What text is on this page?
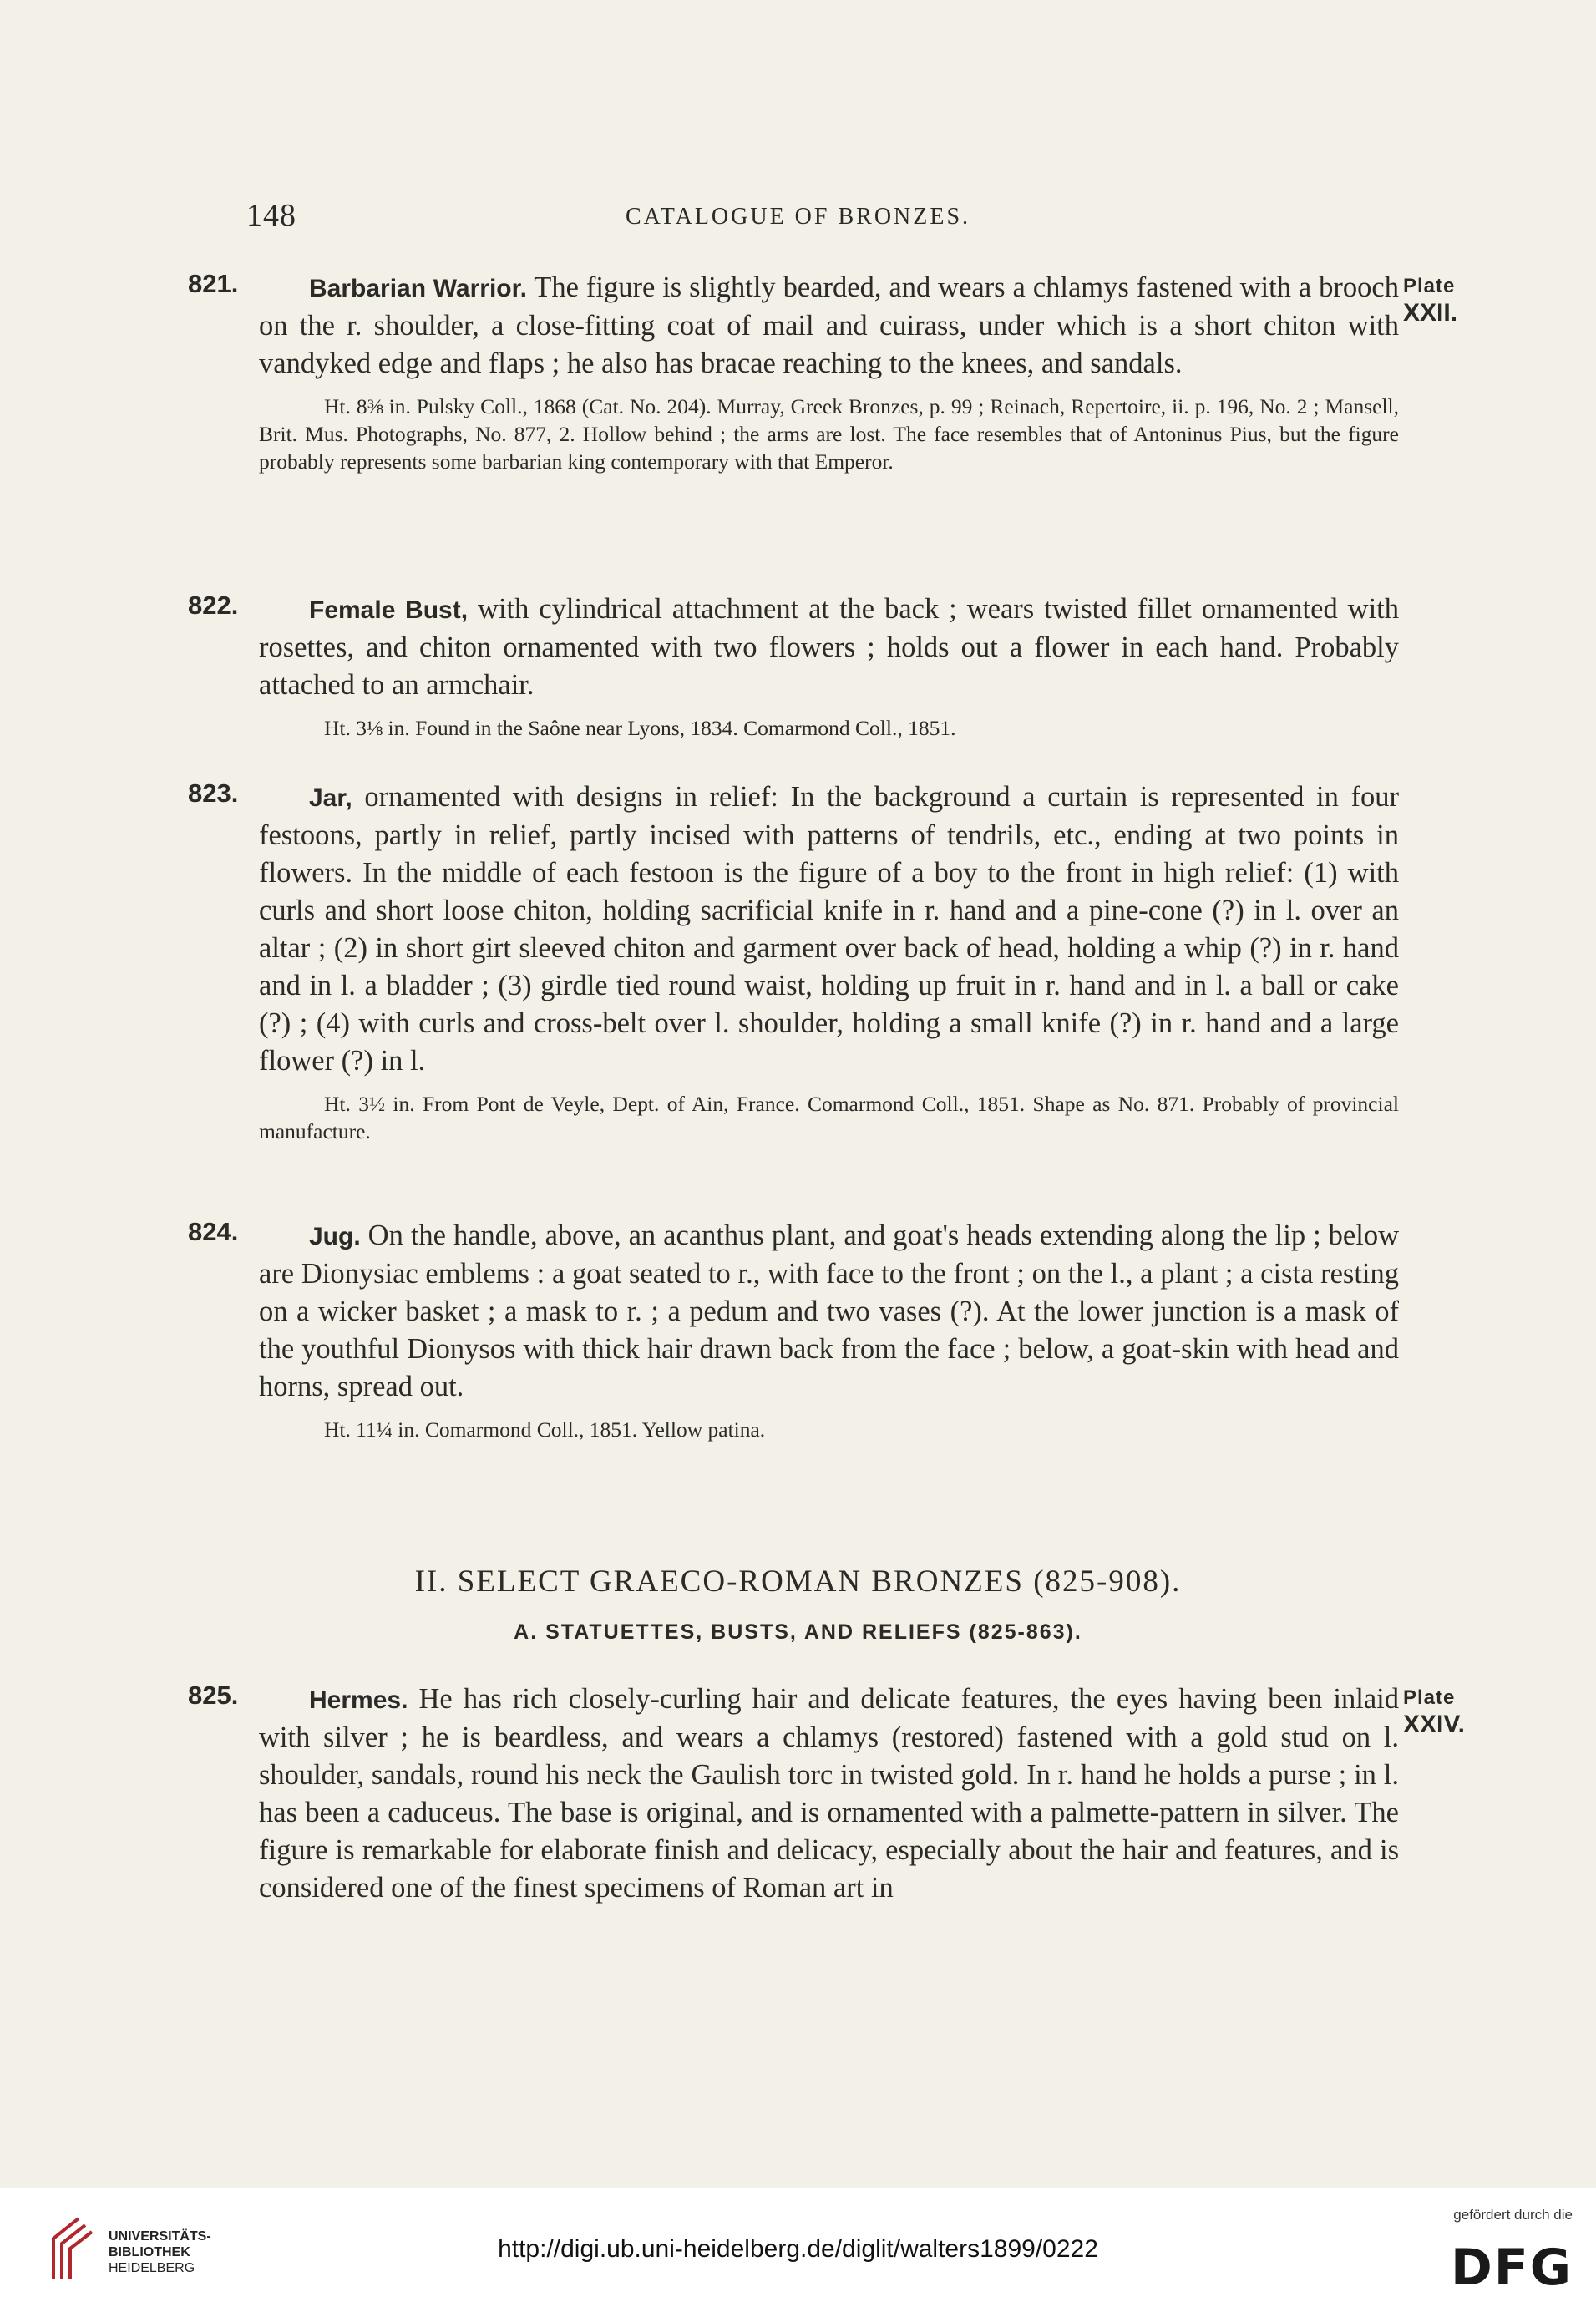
148	CATALOGUE OF BRONZES.
821.	Barbarian Warrior. The figure is slightly bearded, and wears a chlamys fastened with a brooch on the r. shoulder, a close-fitting coat of mail and cuirass, under which is a short chiton with vandyked edge and flaps ; he also has bracae reaching to the knees, and sandals.
Ht. 8⅜ in. Pulsky Coll., 1868 (Cat. No. 204). Murray, Greek Bronzes, p. 99 ; Reinach, Repertoire, ii. p. 196, No. 2 ; Mansell, Brit. Mus. Photographs, No. 877, 2. Hollow behind ; the arms are lost. The face resembles that of Antoninus Pius, but the figure probably represents some barbarian king contemporary with that Emperor.
Plate
XXII.
822.	Female Bust, with cylindrical attachment at the back ; wears twisted fillet ornamented with rosettes, and chiton ornamented with two flowers ; holds out a flower in each hand. Probably attached to an armchair.
Ht. 3⅛ in. Found in the Saône near Lyons, 1834. Comarmond Coll., 1851.
823.	Jar, ornamented with designs in relief: In the background a curtain is represented in four festoons, partly in relief, partly incised with patterns of tendrils, etc., ending at two points in flowers. In the middle of each festoon is the figure of a boy to the front in high relief: (1) with curls and short loose chiton, holding sacrificial knife in r. hand and a pine-cone (?) in l. over an altar ; (2) in short girt sleeved chiton and garment over back of head, holding a whip (?) in r. hand and in l. a bladder ; (3) girdle tied round waist, holding up fruit in r. hand and in l. a ball or cake (?) ; (4) with curls and cross-belt over l. shoulder, holding a small knife (?) in r. hand and a large flower (?) in l.
Ht. 3½ in. From Pont de Veyle, Dept. of Ain, France. Comarmond Coll., 1851. Shape as No. 871. Probably of provincial manufacture.
824.	Jug. On the handle, above, an acanthus plant, and goat's heads extending along the lip ; below are Dionysiac emblems : a goat seated to r., with face to the front ; on the l., a plant ; a cista resting on a wicker basket ; a mask to r. ; a pedum and two vases (?). At the lower junction is a mask of the youthful Dionysos with thick hair drawn back from the face ; below, a goat-skin with head and horns, spread out.
Ht. 11¼ in. Comarmond Coll., 1851. Yellow patina.
II. SELECT GRAECO-ROMAN BRONZES (825-908).
A. STATUETTES, BUSTS, AND RELIEFS (825-863).
825.	Hermes. He has rich closely-curling hair and delicate features, the eyes having been inlaid with silver ; he is beardless, and wears a chlamys (restored) fastened with a gold stud on l. shoulder, sandals, round his neck the Gaulish torc in twisted gold. In r. hand he holds a purse ; in l. has been a caduceus. The base is original, and is ornamented with a palmette-pattern in silver. The figure is remarkable for elaborate finish and delicacy, especially about the hair and features, and is considered one of the finest specimens of Roman art in
Plate
XXIV.
UNIVERSITÄTS-
BIBLIOTHEK
HEIDELBERG
http://digi.ub.uni-heidelberg.de/diglit/walters1899/0222
gefördert durch die
DFG
